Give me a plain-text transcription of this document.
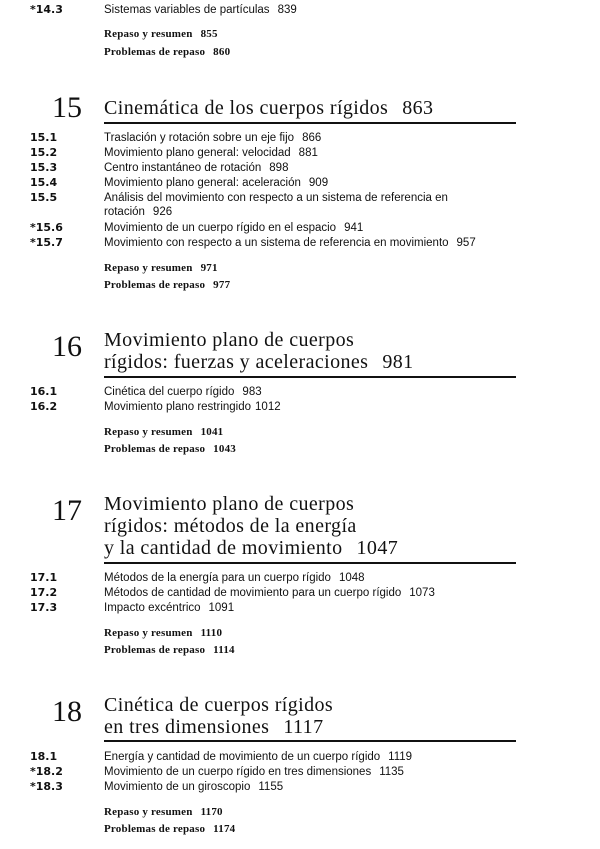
*14.3	Sistemas variables de partículas 839
Repaso y resumen 855
Problemas de repaso 860
15 Cinemática de los cuerpos rígidos 863
15.1	Traslación y rotación sobre un eje fijo 866
15.2	Movimiento plano general: velocidad 881
15.3	Centro instantáneo de rotación 898
15.4	Movimiento plano general: aceleración 909
15.5	Análisis del movimiento con respecto a un sistema de referencia en rotación 926
*15.6	Movimiento de un cuerpo rígido en el espacio 941
*15.7	Movimiento con respecto a un sistema de referencia en movimiento 957
Repaso y resumen 971
Problemas de repaso 977
16 Movimiento plano de cuerpos
rígidos: fuerzas y aceleraciones 981
16.1	Cinética del cuerpo rígido 983
16.2	Movimiento plano restringido 1012
Repaso y resumen 1041
Problemas de repaso 1043
17 Movimiento plano de cuerpos
rígidos: métodos de la energía
y la cantidad de movimiento 1047
17.1	Métodos de la energía para un cuerpo rígido 1048
17.2	Métodos de cantidad de movimiento para un cuerpo rígido 1073
17.3	Impacto excéntrico 1091
Repaso y resumen 1110
Problemas de repaso 1114
18 Cinética de cuerpos rígidos
en tres dimensiones 1117
18.1	Energía y cantidad de movimiento de un cuerpo rígido 1119
*18.2	Movimiento de un cuerpo rígido en tres dimensiones 1135
*18.3	Movimiento de un giroscopio 1155
Repaso y resumen 1170
Problemas de repaso 1174
